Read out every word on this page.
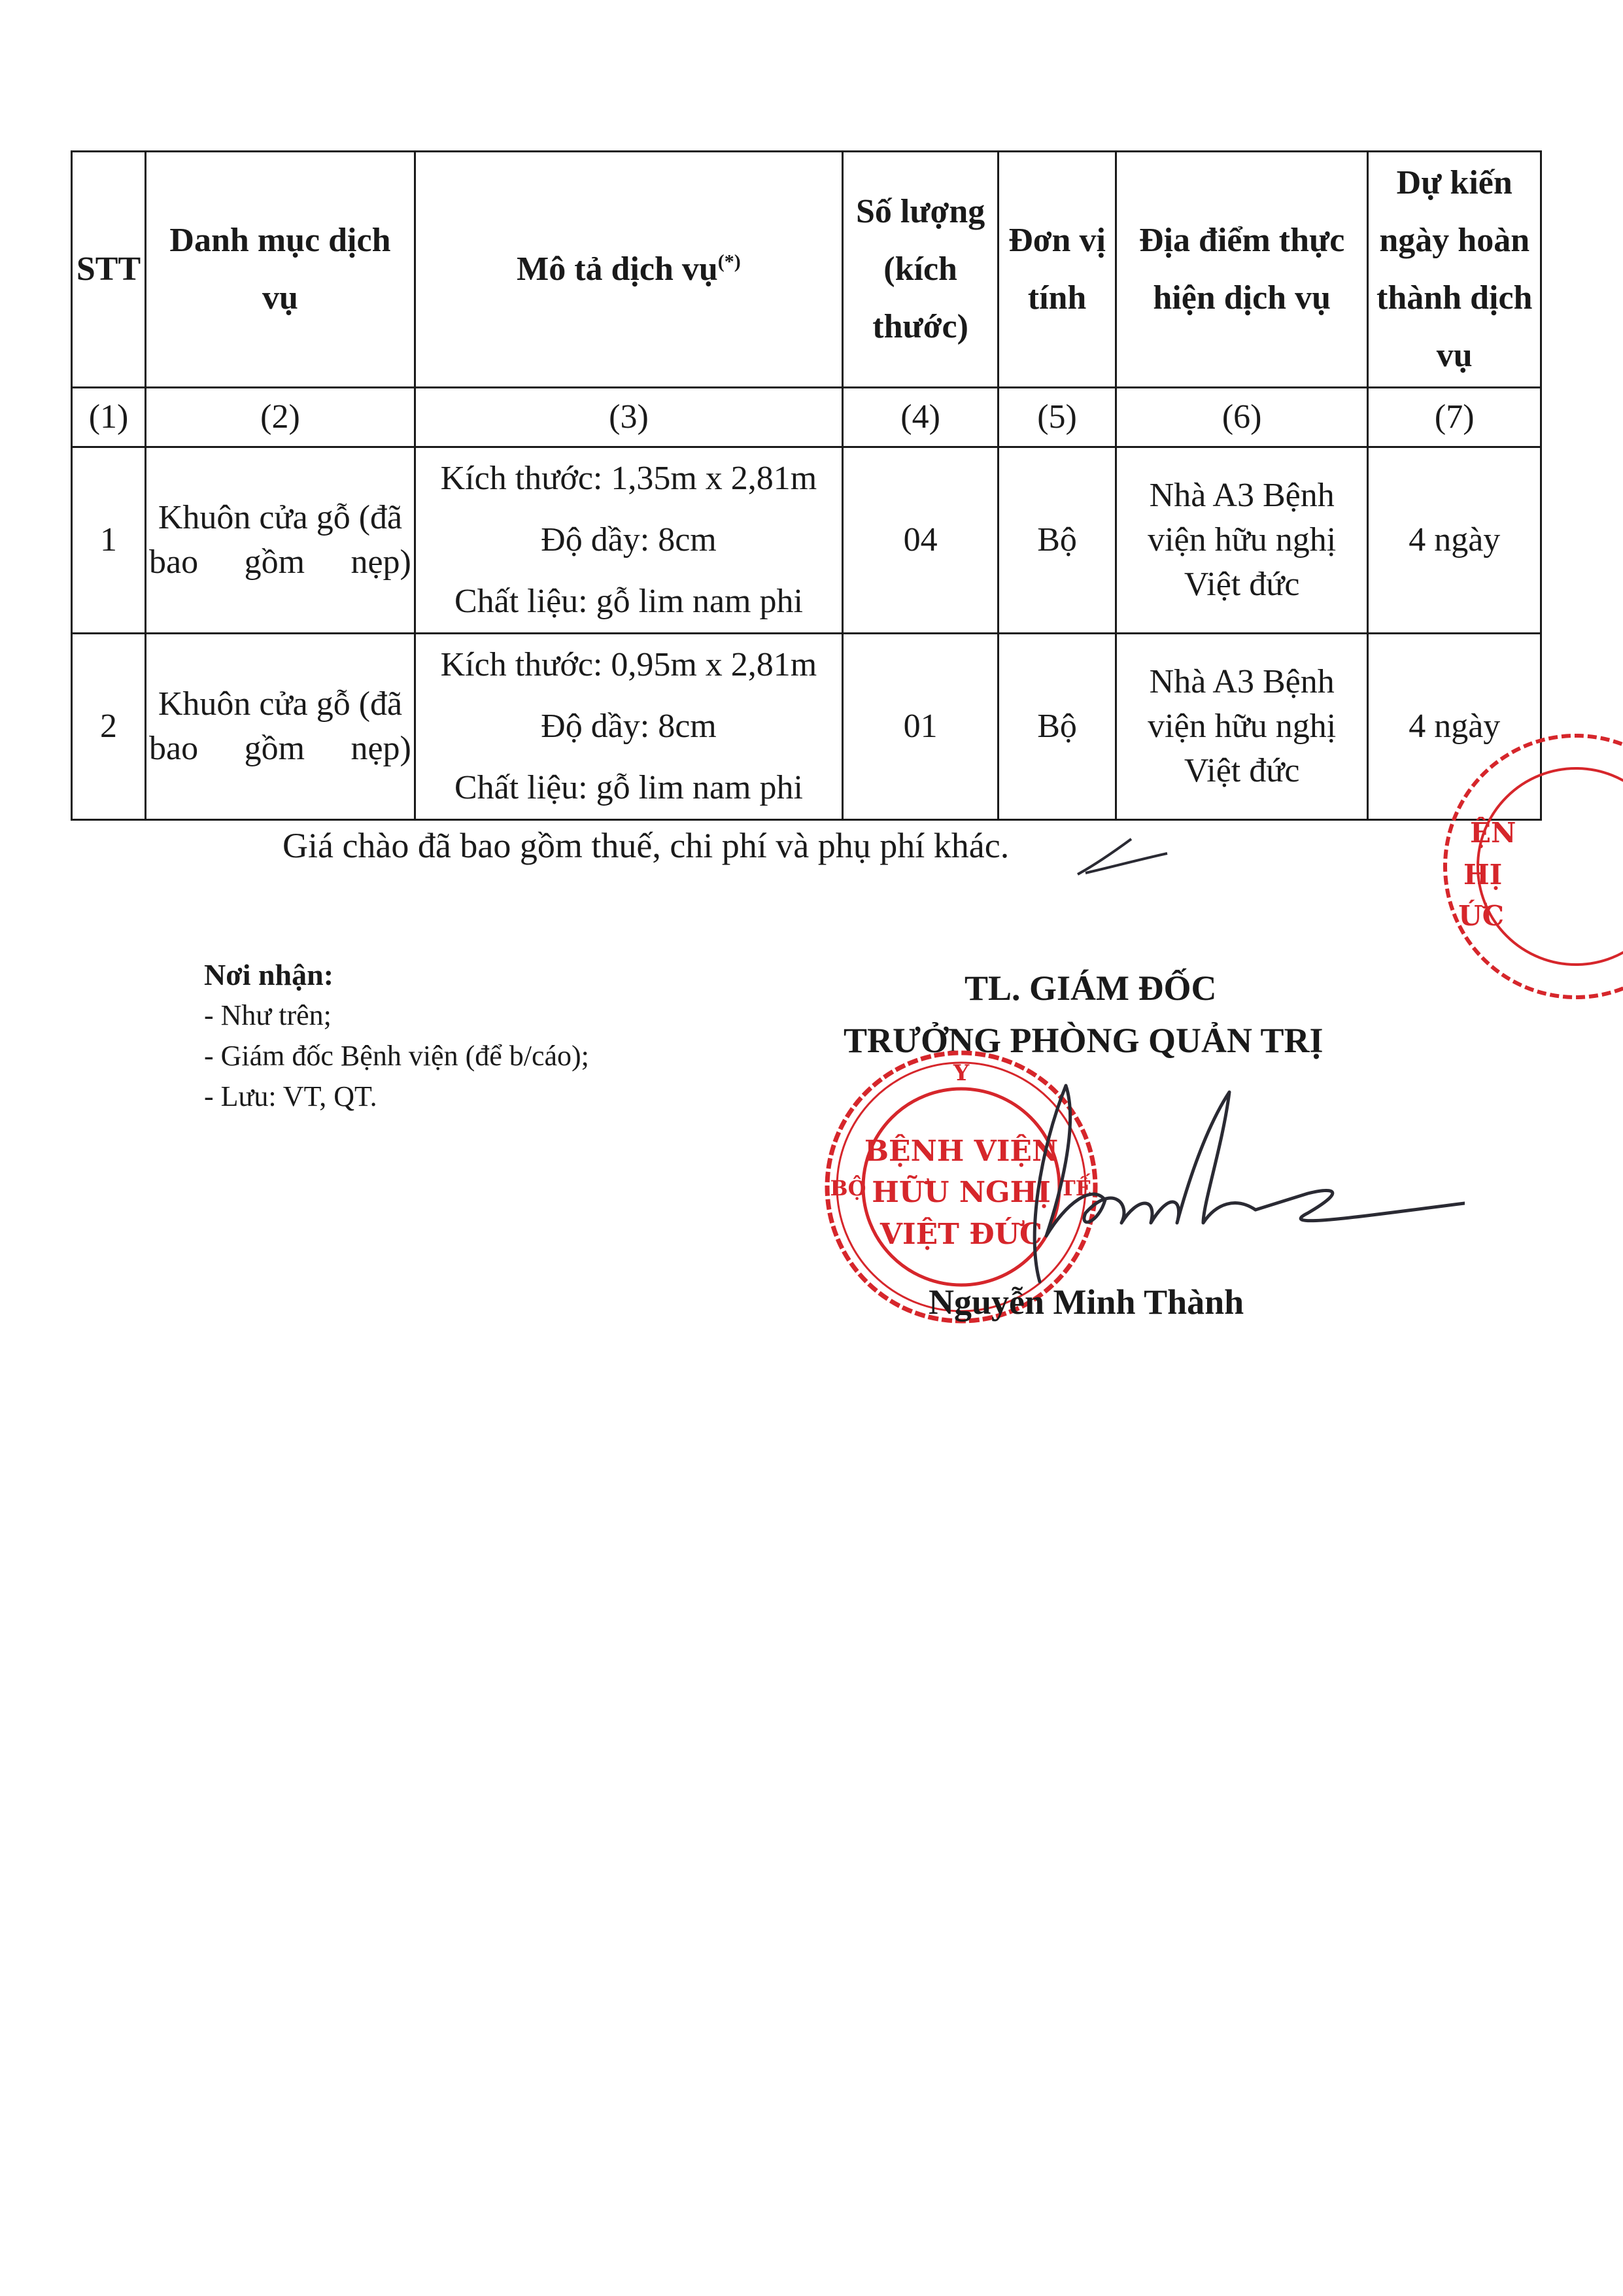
STT	Danh mục dịch vụ	Mô tả dịch vụ(*)	Số lượng (kích thước)	Đơn vị tính	Địa điểm thực hiện dịch vụ	Dự kiến ngày hoàn thành dịch vụ
(1)	(2)	(3)	(4)	(5)	(6)	(7)
1	Khuôn cửa gỗ (đã bao gồm nẹp)	Kích thước: 1,35m x 2,81m
Độ dầy: 8cm
Chất liệu: gỗ lim nam phi	04	Bộ	Nhà A3 Bệnh viện hữu nghị Việt đức	4 ngày
2	Khuôn cửa gỗ (đã bao gồm nẹp)	Kích thước: 0,95m x 2,81m
Độ dầy: 8cm
Chất liệu: gỗ lim nam phi	01	Bộ	Nhà A3 Bệnh viện hữu nghị Việt đức	4 ngày
Giá chào đã bao gồm thuế, chi phí và phụ phí khác.	ỆN
HỊ
ỨC
Nơi nhận:
- Như trên;
- Giám đốc Bệnh viện (để b/cáo);
- Lưu: VT, QT.
TL. GIÁM ĐỐC
TRƯỞNG PHÒNG QUẢN TRỊ
Y
BỘ	TẾ
BỆNH VIỆN
HỮU NGHỊ
VIỆT ĐỨC
Nguyễn Minh Thành
